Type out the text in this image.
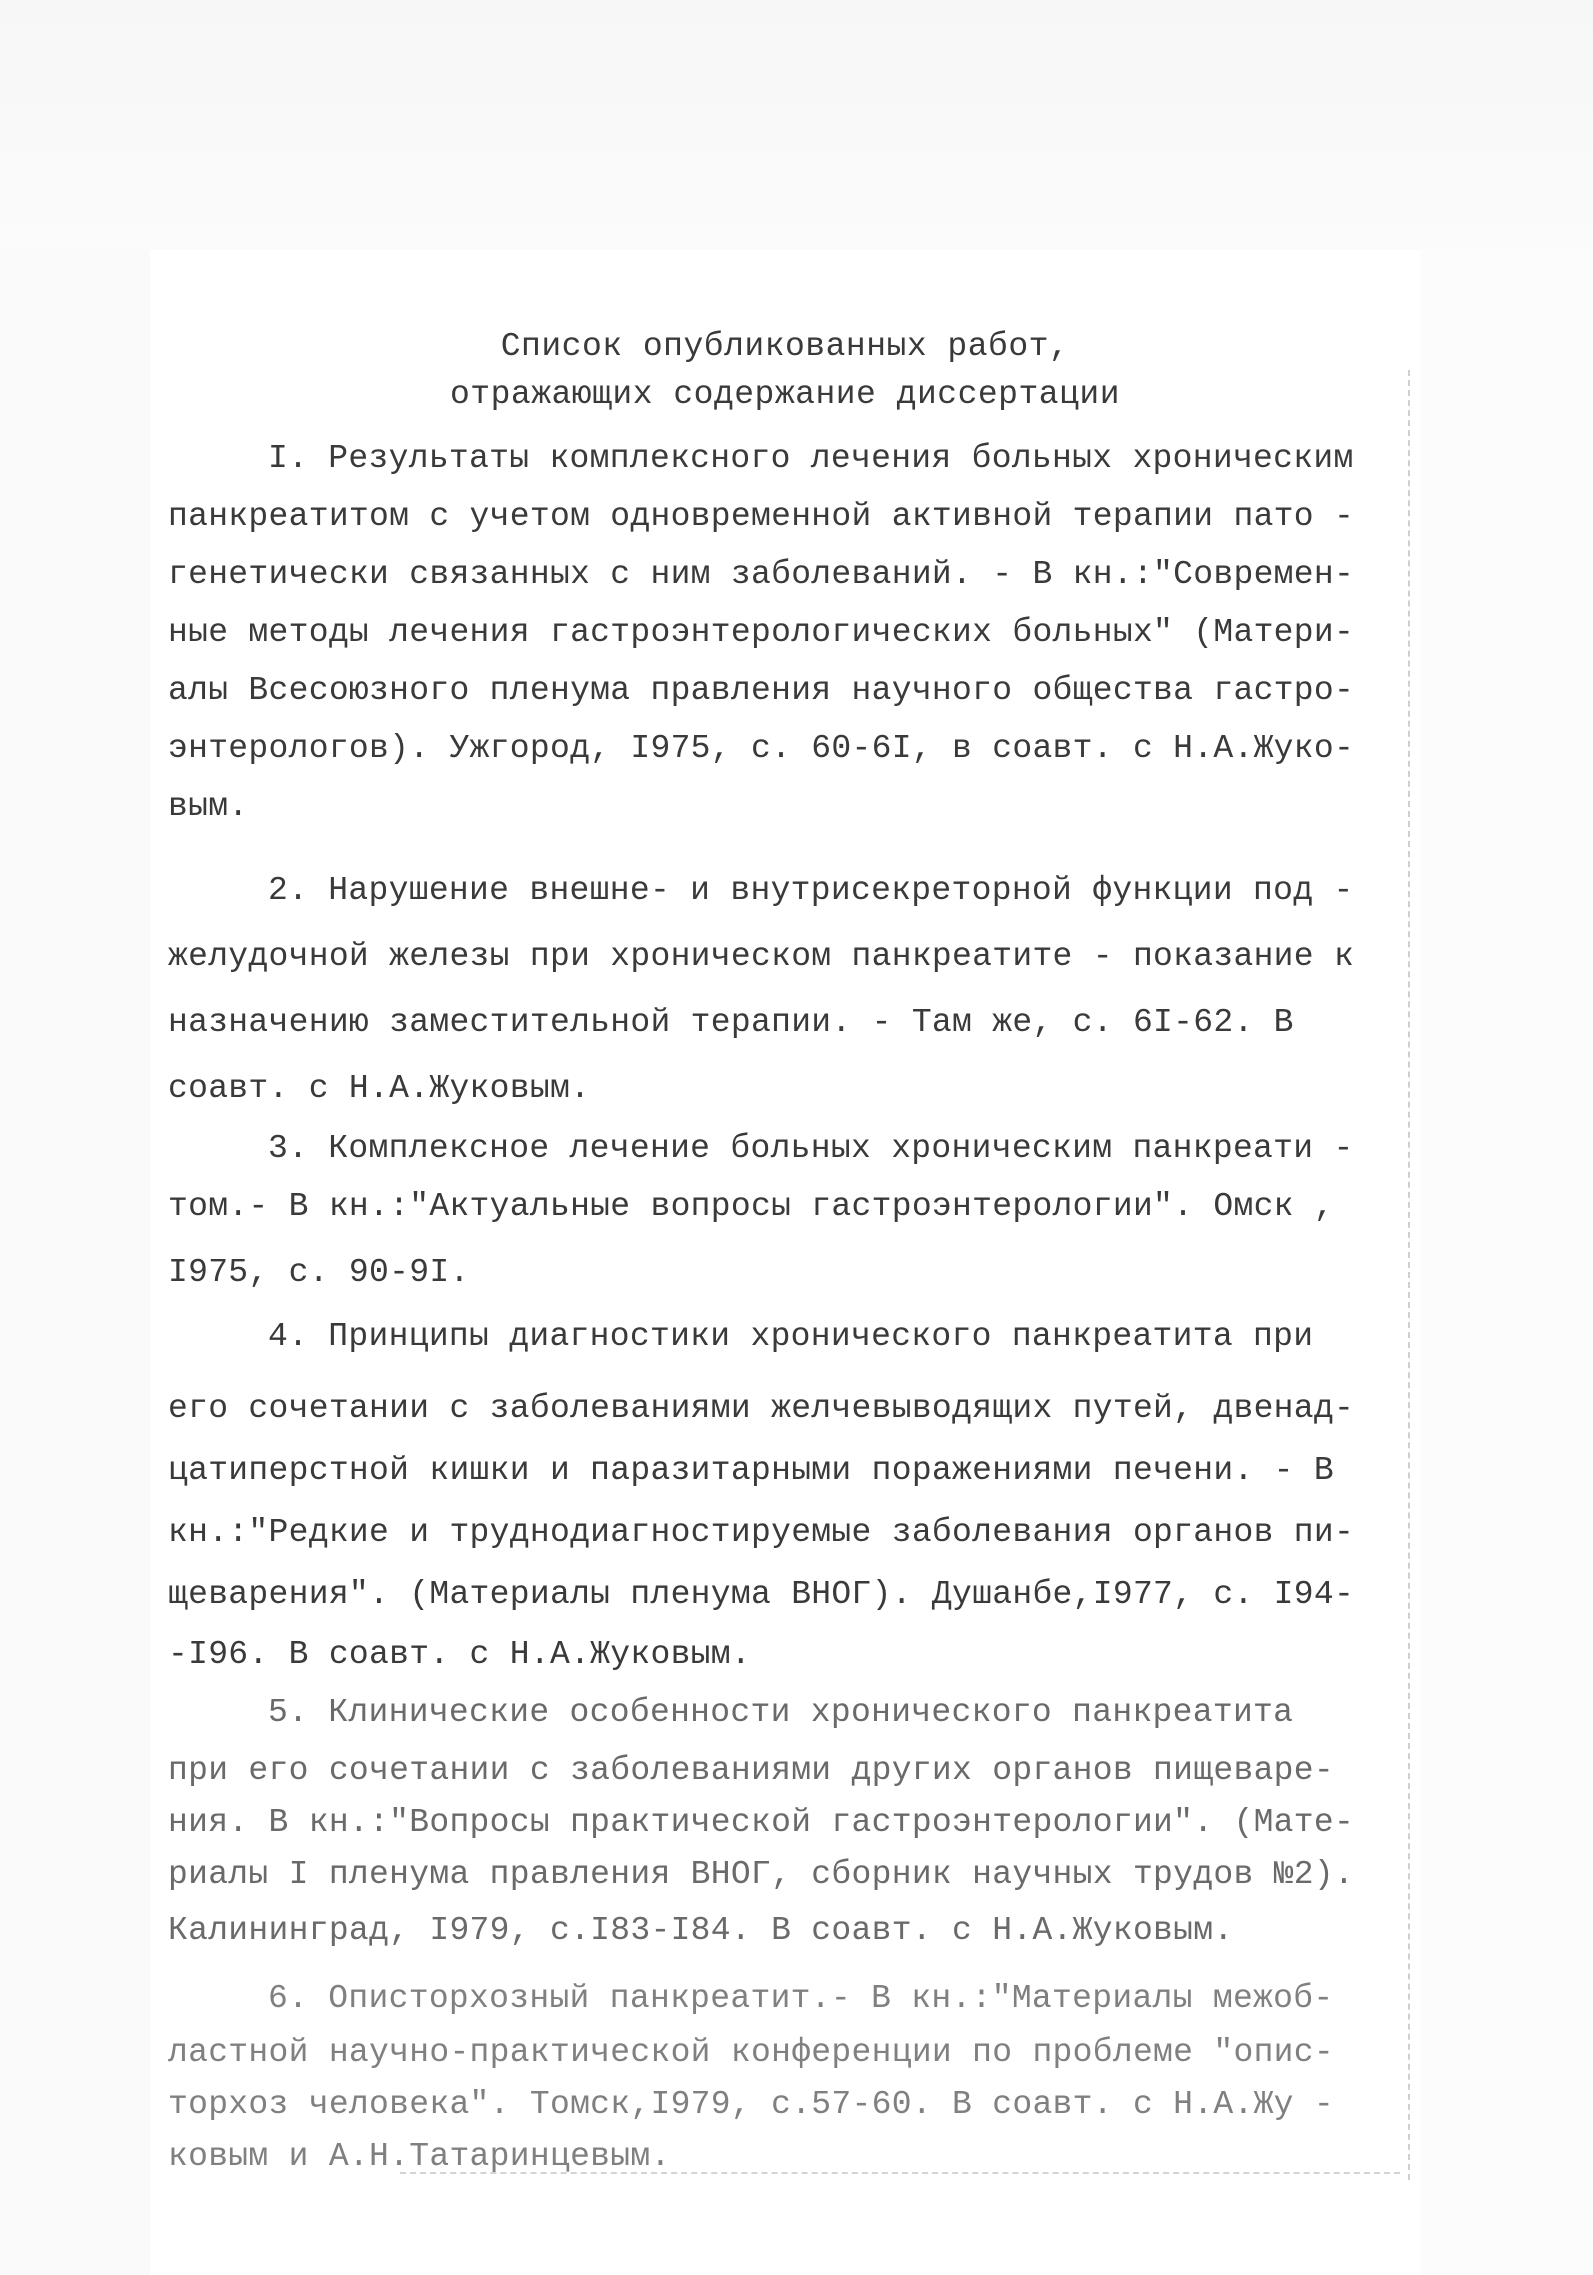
Список опубликованных работ,
отражающих содержание диссертации
I. Результаты комплексного лечения больных хроническим
панкреатитом с учетом одновременной активной терапии пато -
генетически связанных с ним заболеваний. - В кн.:"Современ-
ные методы лечения гастроэнтерологических больных" (Матери-
алы Всесоюзного пленума правления научного общества гастро-
энтерологов). Ужгород, I975, с. 60-6I, в соавт. с Н.А.Жуко-
вым.
2. Нарушение внешне- и внутрисекреторной функции под -
желудочной железы при хроническом панкреатите - показание к
назначению заместительной терапии. - Там же, с. 6I-62. В
соавт. с Н.А.Жуковым.
3. Комплексное лечение больных хроническим панкреати -
том.- В кн.:"Актуальные вопросы гастроэнтерологии". Омск ,
I975, с. 90-9I.
4. Принципы диагностики хронического панкреатита при
его сочетании с заболеваниями желчевыводящих путей, двенад-
цатиперстной кишки и паразитарными поражениями печени. - В
кн.:"Редкие и труднодиагностируемые заболевания органов пи-
щеварения". (Материалы пленума ВНОГ). Душанбе,I977, с. I94-
-I96. В соавт. с Н.А.Жуковым.
5. Клинические особенности хронического панкреатита
при его сочетании с заболеваниями других органов пищеваре-
ния. В кн.:"Вопросы практической гастроэнтерологии". (Мате-
риалы I пленума правления ВНОГ, сборник научных трудов №2).
Калининград, I979, с.I83-I84. В соавт. с Н.А.Жуковым.
6. Описторхозный панкреатит.- В кн.:"Материалы межоб-
ластной научно-практической конференции по проблеме "опис-
торхоз человека". Томск,I979, с.57-60. В соавт. с Н.А.Жу -
ковым и А.Н.Татаринцевым.
